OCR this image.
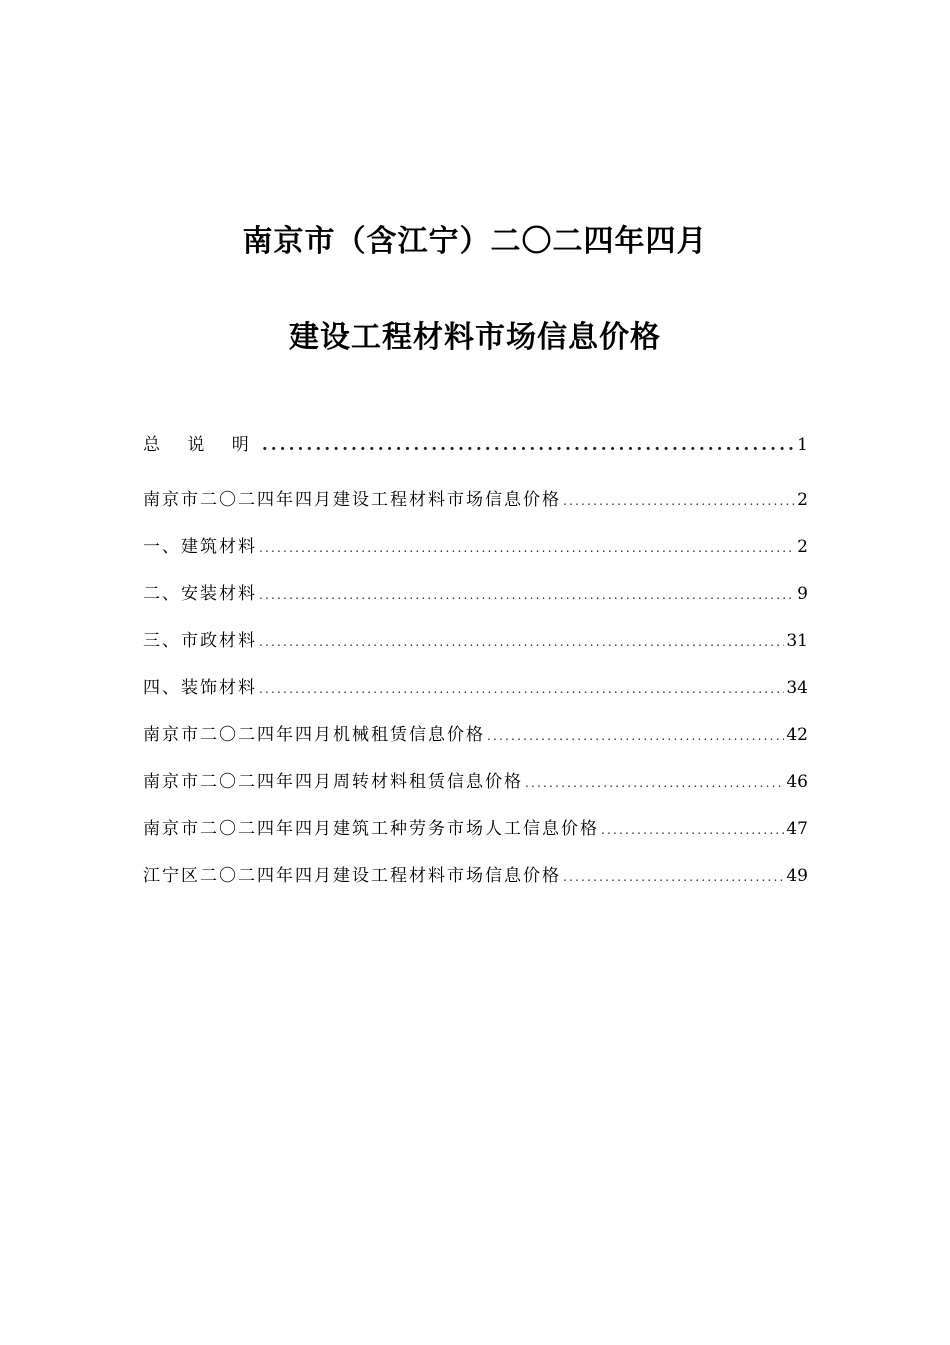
南京市（含江宁）二〇二四年四月
建设工程材料市场信息价格
总 说 明 .....	1
南京市二〇二四年四月建设工程材料市场信息价格 .....	2
一、建筑材料 .....	2
二、安装材料 .....	9
三、市政材料 .....	31
四、装饰材料 .....	34
南京市二〇二四年四月机械租赁信息价格 .....	42
南京市二〇二四年四月周转材料租赁信息价格 .....	46
南京市二〇二四年四月建筑工种劳务市场人工信息价格 .....	47
江宁区二〇二四年四月建设工程材料市场信息价格 .....	49
